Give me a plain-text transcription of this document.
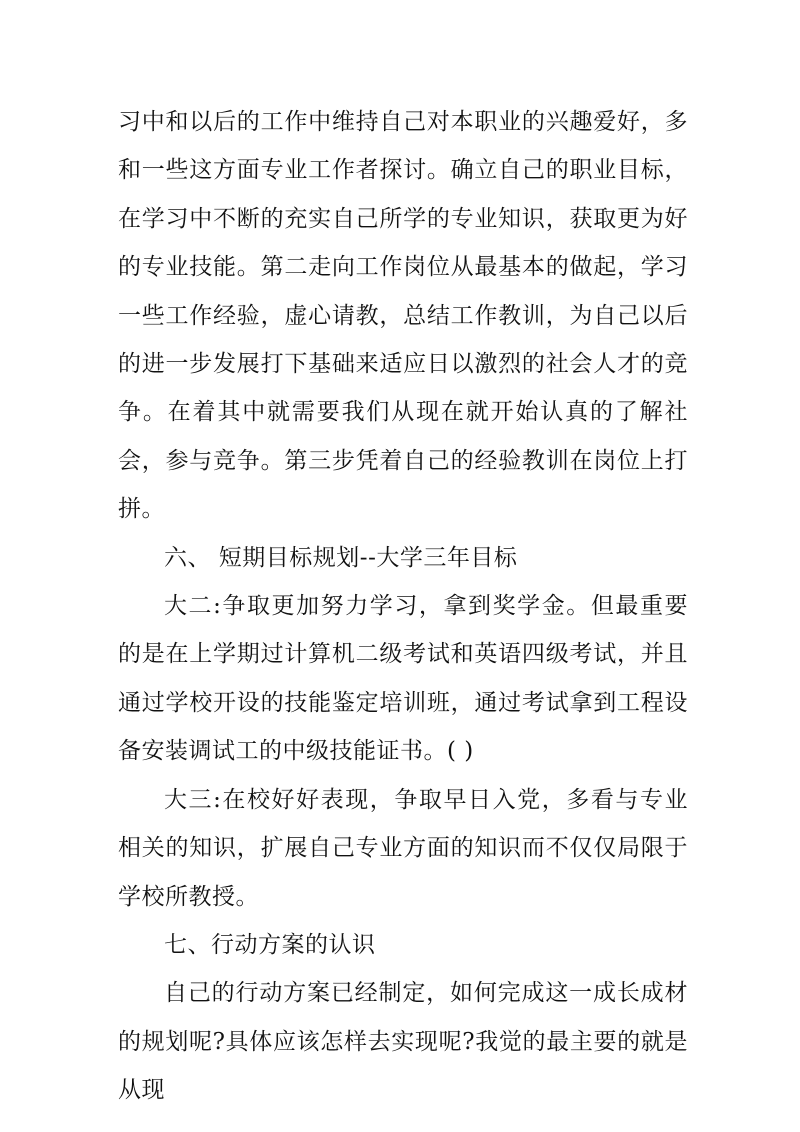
习中和以后的工作中维持自己对本职业的兴趣爱好，多和一些这方面专业工作者探讨。确立自己的职业目标，在学习中不断的充实自己所学的专业知识，获取更为好的专业技能。第二走向工作岗位从最基本的做起，学习一些工作经验，虚心请教，总结工作教训，为自己以后的进一步发展打下基础来适应日以激烈的社会人才的竞争。在着其中就需要我们从现在就开始认真的了解社会，参与竞争。第三步凭着自己的经验教训在岗位上打拼。

六、 短期目标规划--大学三年目标

大二:争取更加努力学习，拿到奖学金。但最重要的是在上学期过计算机二级考试和英语四级考试，并且通过学校开设的技能鉴定培训班，通过考试拿到工程设备安装调试工的中级技能证书。( )

大三:在校好好表现，争取早日入党，多看与专业相关的知识，扩展自己专业方面的知识而不仅仅局限于学校所教授。

七、行动方案的认识

自己的行动方案已经制定，如何完成这一成长成材的规划呢?具体应该怎样去实现呢?我觉的最主要的就是从现
